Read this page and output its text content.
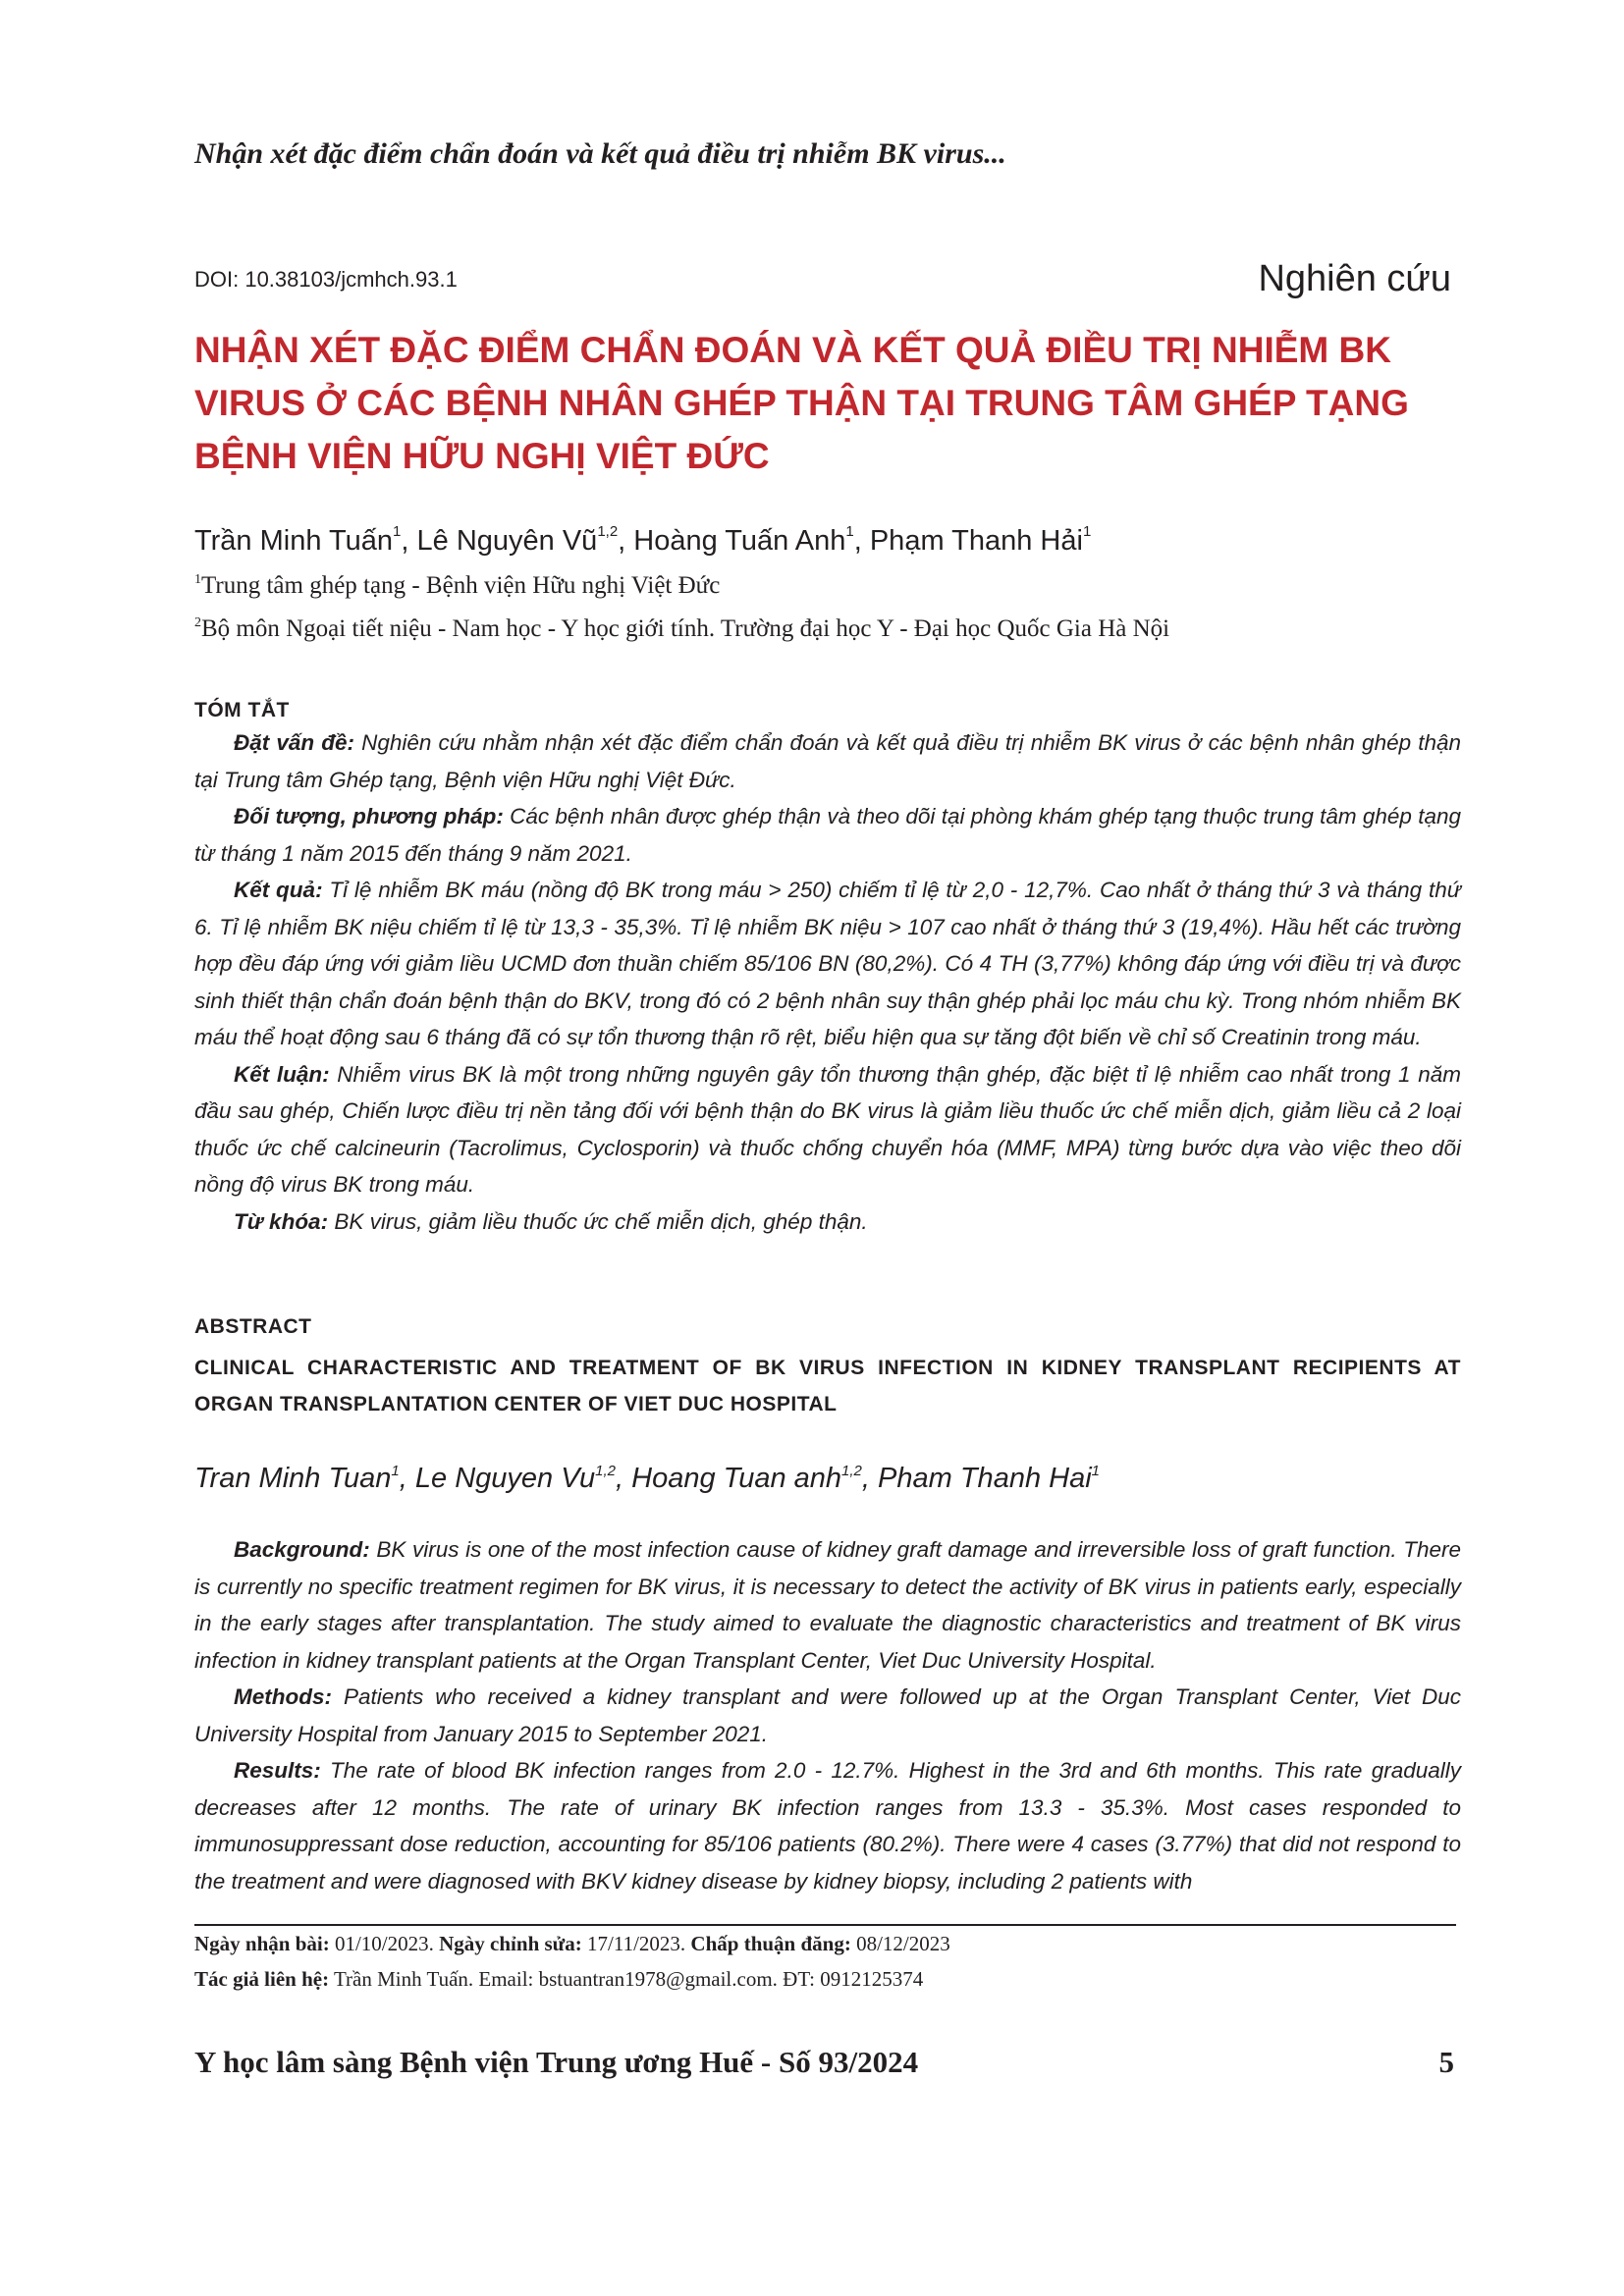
Nhận xét đặc điểm chẩn đoán và kết quả điều trị nhiễm BK virus...
DOI: 10.38103/jcmhch.93.1	Nghiên cứu
NHẬN XÉT ĐẶC ĐIỂM CHẨN ĐOÁN VÀ KẾT QUẢ ĐIỀU TRỊ NHIỄM BK VIRUS Ở CÁC BỆNH NHÂN GHÉP THẬN TẠI TRUNG TÂM GHÉP TẠNG BỆNH VIỆN HỮU NGHỊ VIỆT ĐỨC
Trần Minh Tuấn$^1$, Lê Nguyên Vũ$^{1,2}$, Hoàng Tuấn Anh$^1$, Phạm Thanh Hải$^1$
$^1$Trung tâm ghép tạng - Bệnh viện Hữu nghị Việt Đức
$^2$Bộ môn Ngoại tiết niệu - Nam học - Y học giới tính. Trường đại học Y - Đại học Quốc Gia Hà Nội
TÓM TẮT

Đặt vấn đề: Nghiên cứu nhằm nhận xét đặc điểm chẩn đoán và kết quả điều trị nhiễm BK virus ở các bệnh nhân ghép thận tại Trung tâm Ghép tạng, Bệnh viện Hữu nghị Việt Đức.

Đối tượng, phương pháp: Các bệnh nhân được ghép thận và theo dõi tại phòng khám ghép tạng thuộc trung tâm ghép tạng từ tháng 1 năm 2015 đến tháng 9 năm 2021.

Kết quả: Tỉ lệ nhiễm BK máu (nồng độ BK trong máu > 250) chiếm tỉ lệ từ 2,0 - 12,7%. Cao nhất ở tháng thứ 3 và tháng thứ 6. Tỉ lệ nhiễm BK niệu chiếm tỉ lệ từ 13,3 - 35,3%. Tỉ lệ nhiễm BK niệu > 107 cao nhất ở tháng thứ 3 (19,4%). Hầu hết các trường hợp đều đáp ứng với giảm liều UCMD đơn thuần chiếm 85/106 BN (80,2%). Có 4 TH (3,77%) không đáp ứng với điều trị và được sinh thiết thận chẩn đoán bệnh thận do BKV, trong đó có 2 bệnh nhân suy thận ghép phải lọc máu chu kỳ. Trong nhóm nhiễm BK máu thể hoạt động sau 6 tháng đã có sự tổn thương thận rõ rệt, biểu hiện qua sự tăng đột biến về chỉ số Creatinin trong máu.

Kết luận: Nhiễm virus BK là một trong những nguyên gây tổn thương thận ghép, đặc biệt tỉ lệ nhiễm cao nhất trong 1 năm đầu sau ghép, Chiến lược điều trị nền tảng đối với bệnh thận do BK virus là giảm liều thuốc ức chế miễn dịch, giảm liều cả 2 loại thuốc ức chế calcineurin (Tacrolimus, Cyclosporin) và thuốc chống chuyển hóa (MMF, MPA) từng bước dựa vào việc theo dõi nồng độ virus BK trong máu.

Từ khóa: BK virus, giảm liều thuốc ức chế miễn dịch, ghép thận.

ABSTRACT
CLINICAL CHARACTERISTIC AND TREATMENT OF BK VIRUS INFECTION IN KIDNEY TRANSPLANT RECIPIENTS AT ORGAN TRANSPLANTATION CENTER OF VIET DUC HOSPITAL
Tran Minh Tuan$^1$, Le Nguyen Vu$^{1,2}$, Hoang Tuan anh$^{1,2}$, Pham Thanh Hai$^1$

Background: BK virus is one of the most infection cause of kidney graft damage and irreversible loss of graft function. There is currently no specific treatment regimen for BK virus, it is necessary to detect the activity of BK virus in patients early, especially in the early stages after transplantation. The study aimed to evaluate the diagnostic characteristics and treatment of BK virus infection in kidney transplant patients at the Organ Transplant Center, Viet Duc University Hospital.

Methods: Patients who received a kidney transplant and were followed up at the Organ Transplant Center, Viet Duc University Hospital from January 2015 to September 2021.

Results: The rate of blood BK infection ranges from 2.0 - 12.7%. Highest in the 3rd and 6th months. This rate gradually decreases after 12 months. The rate of urinary BK infection ranges from 13.3 - 35.3%. Most cases responded to immunosuppressant dose reduction, accounting for 85/106 patients (80.2%). There were 4 cases (3.77%) that did not respond to the treatment and were diagnosed with BKV kidney disease by kidney biopsy, including 2 patients with

Ngày nhận bài: 01/10/2023. Ngày chỉnh sửa: 17/11/2023. Chấp thuận đăng: 08/12/2023
Tác giả liên hệ: Trần Minh Tuấn. Email: bstuantran1978@gmail.com. ĐT: 0912125374
Y học lâm sàng Bệnh viện Trung ương Huế - Số 93/2024	5
